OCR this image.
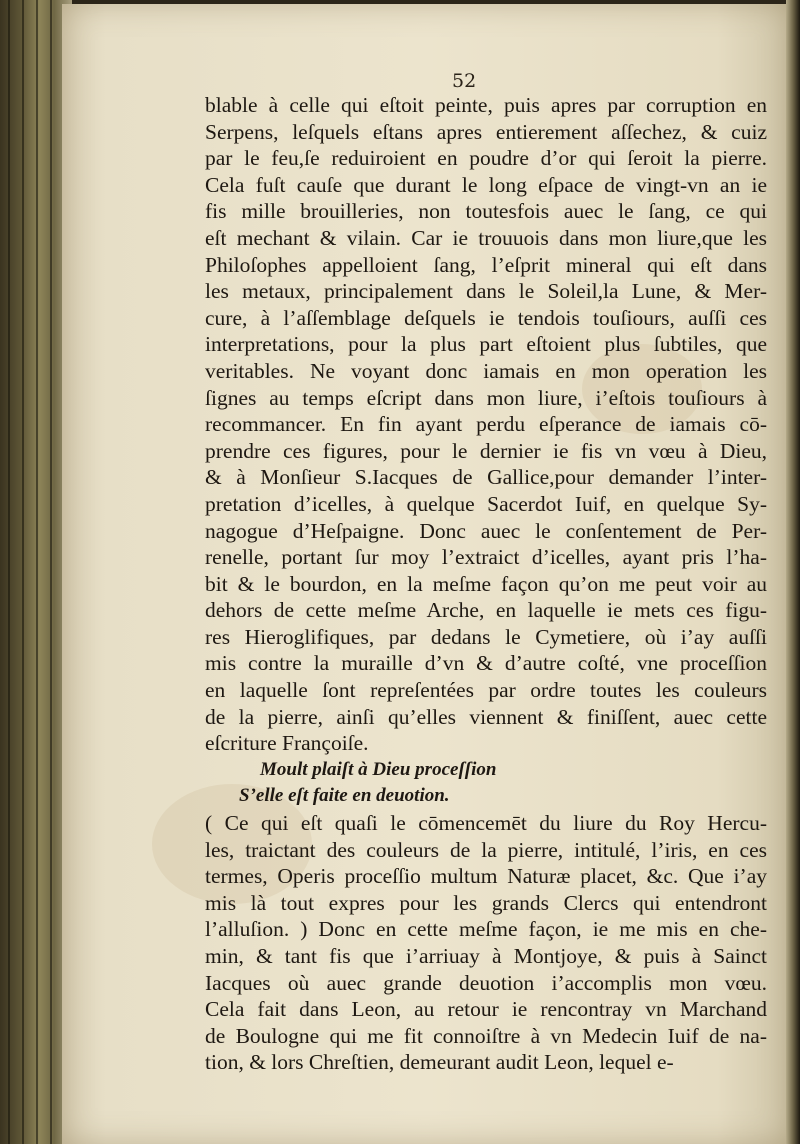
52
blable à celle qui eſtoit peinte, puis apres par corruption en
Serpens, leſquels eſtans apres entierement aſſechez, & cuiz
par le feu,ſe reduiroient en poudre d’or qui ſeroit la pierre.
Cela fuſt cauſe que durant le long eſpace de vingt-vn an ie
fis mille brouilleries, non toutesfois auec le ſang, ce qui
eſt mechant & vilain. Car ie trouuois dans mon liure,que les
Philoſophes appelloient ſang, l’eſprit mineral qui eſt dans
les metaux, principalement dans le Soleil,la Lune, & Mer-
cure, à l’aſſemblage deſquels ie tendois touſiours, auſſi ces
interpretations, pour la plus part eſtoient plus ſubtiles, que
veritables. Ne voyant donc iamais en mon operation les
ſignes au temps eſcript dans mon liure, i’eſtois touſiours à
recommancer. En fin ayant perdu eſperance de iamais cō-
prendre ces figures, pour le dernier ie fis vn vœu à Dieu,
& à Monſieur S.Iacques de Gallice,pour demander l’inter-
pretation d’icelles, à quelque Sacerdot Iuif, en quelque Sy-
nagogue d’Heſpaigne. Donc auec le conſentement de Per-
renelle, portant ſur moy l’extraict d’icelles, ayant pris l’ha-
bit & le bourdon, en la meſme façon qu’on me peut voir au
dehors de cette meſme Arche, en laquelle ie mets ces figu-
res Hieroglifiques, par dedans le Cymetiere, où i’ay auſſi
mis contre la muraille d’vn & d’autre coſté, vne proceſſion
en laquelle ſont repreſentées par ordre toutes les couleurs
de la pierre, ainſi qu’elles viennent & finiſſent, auec cette
eſcriture Françoiſe.
Moult plaiſt à Dieu proceſſion
S’elle eſt faite en deuotion.
( Ce qui eſt quaſi le cōmencemēt du liure du Roy Hercu-
les, traictant des couleurs de la pierre, intitulé, l’iris, en ces
termes, Operis proceſſio multum Naturæ placet, &c. Que i’ay
mis là tout expres pour les grands Clercs qui entendront
l’alluſion. ) Donc en cette meſme façon, ie me mis en che-
min, & tant fis que i’arriuay à Montjoye, & puis à Sainct
Iacques où auec grande deuotion i’accomplis mon vœu.
Cela fait dans Leon, au retour ie rencontray vn Marchand
de Boulogne qui me fit connoiſtre à vn Medecin Iuif de na-
tion, & lors Chreſtien, demeurant audit Leon, lequel e-
